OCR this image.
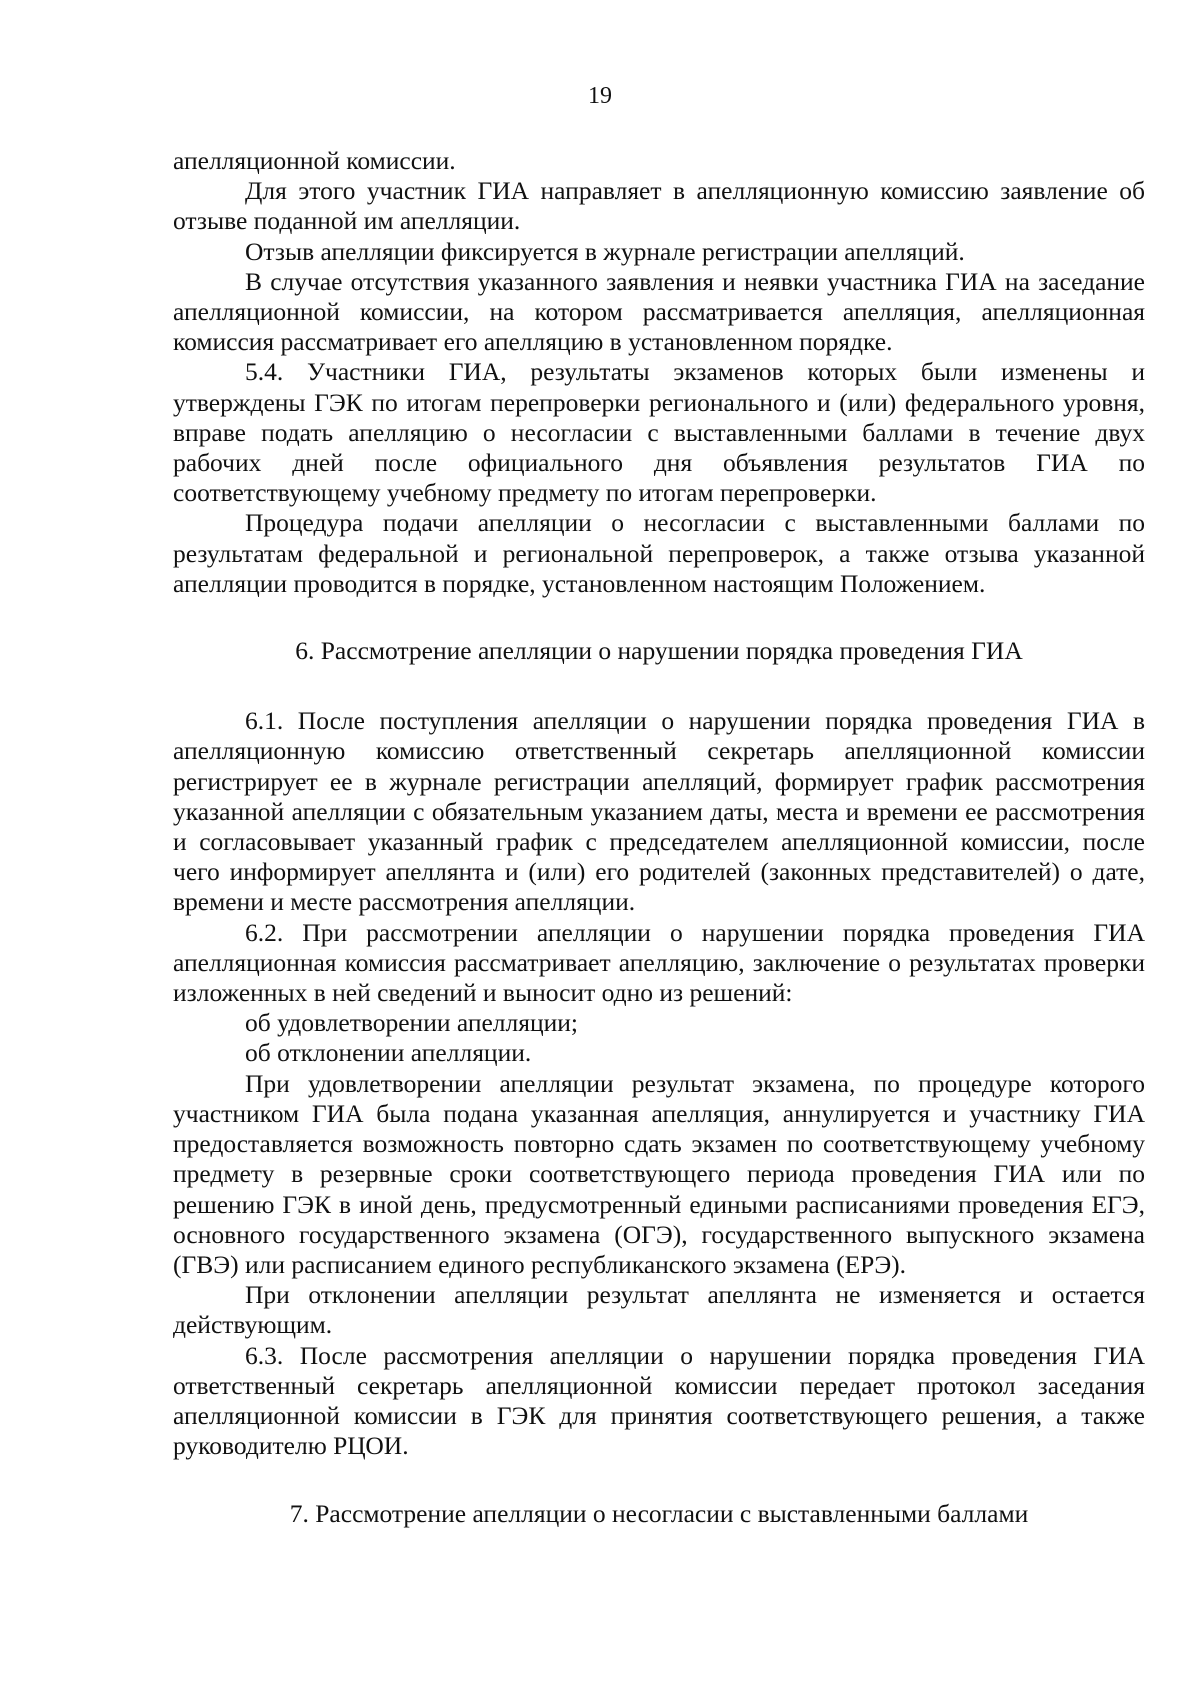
19

апелляционной комиссии.

Для этого участник ГИА направляет в апелляционную комиссию заявление об отзыве поданной им апелляции.

Отзыв апелляции фиксируется в журнале регистрации апелляций.

В случае отсутствия указанного заявления и неявки участника ГИА на заседание апелляционной комиссии, на котором рассматривается апелляция, апелляционная комиссия рассматривает его апелляцию в установленном порядке.

5.4. Участники ГИА, результаты экзаменов которых были изменены и утверждены ГЭК по итогам перепроверки регионального и (или) федерального уровня, вправе подать апелляцию о несогласии с выставленными баллами в течение двух рабочих дней после официального дня объявления результатов ГИА по соответствующему учебному предмету по итогам перепроверки.

Процедура подачи апелляции о несогласии с выставленными баллами по результатам федеральной и региональной перепроверок, а также отзыва указанной апелляции проводится в порядке, установленном настоящим Положением.

6. Рассмотрение апелляции о нарушении порядка проведения ГИА

6.1. После поступления апелляции о нарушении порядка проведения ГИА в апелляционную комиссию ответственный секретарь апелляционной комиссии регистрирует ее в журнале регистрации апелляций, формирует график рассмотрения указанной апелляции с обязательным указанием даты, места и времени ее рассмотрения и согласовывает указанный график с председателем апелляционной комиссии, после чего информирует апеллянта и (или) его родителей (законных представителей) о дате, времени и месте рассмотрения апелляции.

6.2. При рассмотрении апелляции о нарушении порядка проведения ГИА апелляционная комиссия рассматривает апелляцию, заключение о результатах проверки изложенных в ней сведений и выносит одно из решений:

об удовлетворении апелляции;

об отклонении апелляции.

При удовлетворении апелляции результат экзамена, по процедуре которого участником ГИА была подана указанная апелляция, аннулируется и участнику ГИА предоставляется возможность повторно сдать экзамен по соответствующему учебному предмету в резервные сроки соответствующего периода проведения ГИА или по решению ГЭК в иной день, предусмотренный едиными расписаниями проведения ЕГЭ, основного государственного экзамена (ОГЭ), государственного выпускного экзамена (ГВЭ) или расписанием единого республиканского экзамена (ЕРЭ).

При отклонении апелляции результат апеллянта не изменяется и остается действующим.

6.3. После рассмотрения апелляции о нарушении порядка проведения ГИА ответственный секретарь апелляционной комиссии передает протокол заседания апелляционной комиссии в ГЭК для принятия соответствующего решения, а также руководителю РЦОИ.

7. Рассмотрение апелляции о несогласии с выставленными баллами
